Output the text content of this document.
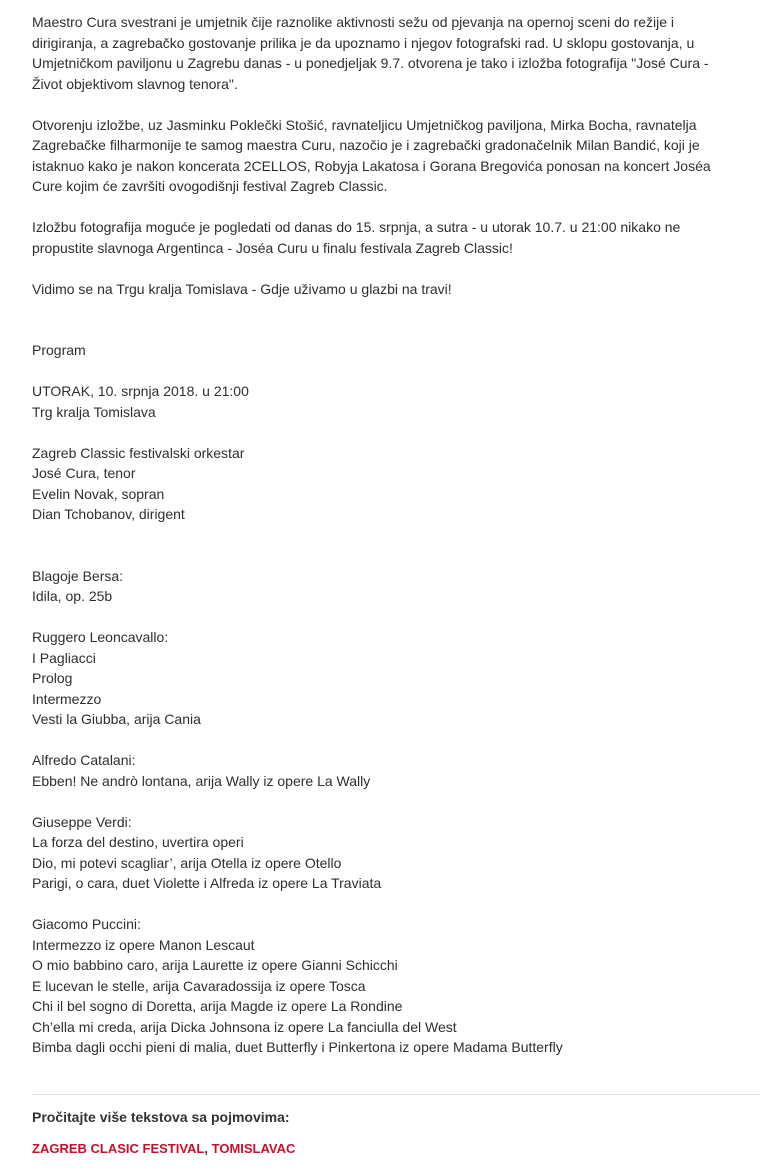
Maestro Cura svestrani je umjetnik čije raznolike aktivnosti sežu od pjevanja na opernoj sceni do režije i dirigiranja, a zagrebačko gostovanje prilika je da upoznamo i njegov fotografski rad. U sklopu gostovanja, u Umjetničkom paviljonu u Zagrebu danas - u ponedjeljak 9.7. otvorena je tako i izložba fotografija "José Cura - Život objektivom slavnog tenora".

Otvorenju izložbe, uz Jasminku Poklečki Stošić, ravnateljicu Umjetničkog paviljona, Mirka Bocha, ravnatelja Zagrebačke filharmonije te samog maestra Curu, nazočio je i zagrebački gradonačelnik Milan Bandić, koji je istaknuo kako je nakon koncerata 2CELLOS, Robyja Lakatosa i Gorana Bregovića ponosan na koncert Joséa Cure kojim će završiti ovogodišnji festival Zagreb Classic.

Izložbu fotografija moguće je pogledati od danas do 15. srpnja, a sutra - u utorak 10.7. u 21:00 nikako ne propustite slavnoga Argentinca - Joséa Curu u finalu festivala Zagreb Classic!

Vidimo se na Trgu kralja Tomislava - Gdje uživamo u glazbi na travi!

Program

UTORAK, 10. srpnja 2018. u 21:00

Trg kralja Tomislava

Zagreb Classic festivalski orkestar

José Cura, tenor

Evelin Novak, sopran

Dian Tchobanov, dirigent

Blagoje Bersa:

Idila, op. 25b

Ruggero Leoncavallo:

I Pagliacci

Prolog

Intermezzo

Vesti la Giubba, arija Cania

Alfredo Catalani:

Ebben! Ne andrò lontana, arija Wally iz opere La Wally

Giuseppe Verdi:

La forza del destino, uvertira operi

Dio, mi potevi scagliar’, arija Otella iz opere Otello

Parigi, o cara, duet Violette i Alfreda iz opere La Traviata

Giacomo Puccini:

Intermezzo iz opere Manon Lescaut

O mio babbino caro, arija Laurette iz opere Gianni Schicchi

E lucevan le stelle, arija Cavaradossija iz opere Tosca

Chi il bel sogno di Doretta, arija Magde iz opere La Rondine

Ch’ella mi creda, arija Dicka Johnsona iz opere La fanciulla del West

Bimba dagli occhi pieni di malia, duet Butterfly i Pinkertona iz opere Madama Butterfly

Pročitajte više tekstova sa pojmovima:

ZAGREB CLASIC FESTIVAL, TOMISLAVAC
